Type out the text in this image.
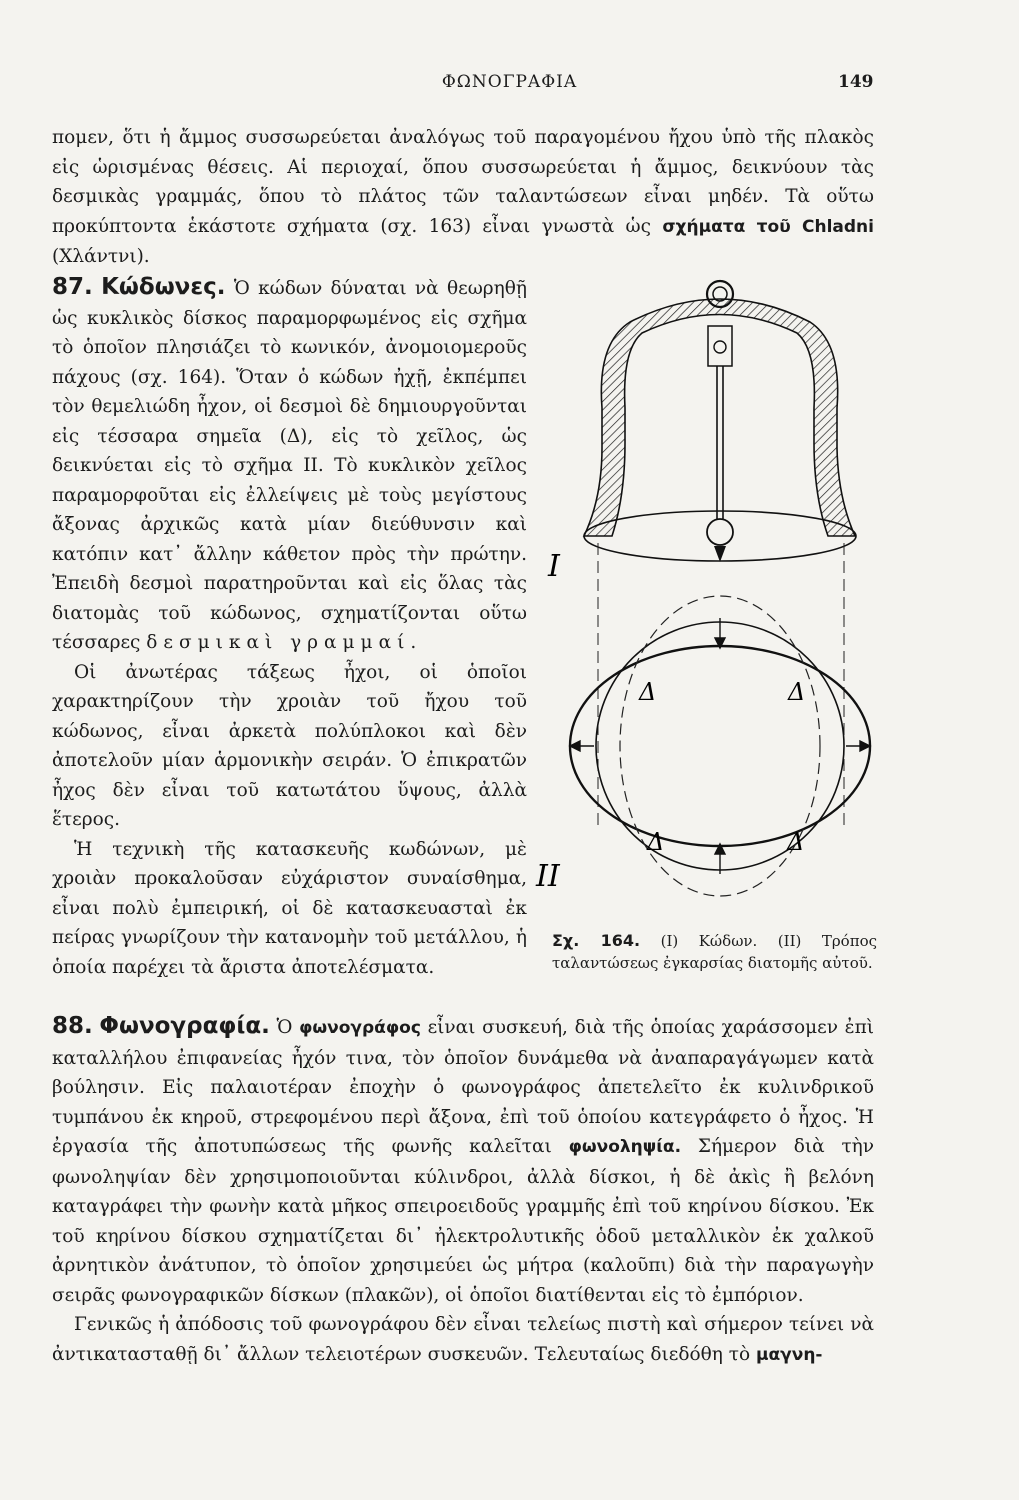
ΦΩΝΟΓΡΑΦΙΑ	149
πομεν, ὅτι ἡ ἄμμος συσσωρεύεται ἀναλόγως τοῦ παραγομένου ἤχου ὑπὸ τῆς πλακὸς εἰς ὡρισμένας θέσεις. Αἱ περιοχαί, ὅπου συσσωρεύεται ἡ ἄμμος, δεικνύουν τὰς δεσμικὰς γραμμάς, ὅπου τὸ πλάτος τῶν ταλαντώσεων εἶναι μηδέν. Τὰ οὕτω προκύπτοντα ἑκάστοτε σχήματα (σχ. 163) εἶναι γνωστὰ ὡς σχήματα τοῦ Chladni (Χλάντνι).

87. Κώδωνες. Ὁ κώδων δύναται νὰ θεωρηθῇ ὡς κυκλικὸς δίσκος παραμορφωμένος εἰς σχῆμα τὸ ὁποῖον πλησιάζει τὸ κωνικόν, ἀνομοιομεροῦς πάχους (σχ. 164). Ὅταν ὁ κώδων ἠχῇ, ἐκπέμπει τὸν θεμελιώδη ἦχον, οἱ δεσμοὶ δὲ δημιουργοῦνται εἰς τέσσαρα σημεῖα (Δ), εἰς τὸ χεῖλος, ὡς δεικνύεται εἰς τὸ σχῆμα II. Τὸ κυκλικὸν χεῖλος παραμορφοῦται εἰς ἐλλείψεις μὲ τοὺς μεγίστους ἄξονας ἀρχικῶς κατὰ μίαν διεύθυνσιν καὶ κατόπιν κατ᾽ ἄλλην κάθετον πρὸς τὴν πρώτην. Ἐπειδὴ δεσμοὶ παρατηροῦνται καὶ εἰς ὅλας τὰς διατομὰς τοῦ κώδωνος, σχηματίζονται οὕτω τέσσαρες δεσμικαὶ γραμμαί.

Οἱ ἀνωτέρας τάξεως ἦχοι, οἱ ὁποῖοι χαρακτηρίζουν τὴν χροιὰν τοῦ ἤχου τοῦ κώδωνος, εἶναι ἀρκετὰ πολύπλοκοι καὶ δὲν ἀποτελοῦν μίαν ἁρμονικὴν σειράν. Ὁ ἐπικρατῶν ἦχος δὲν εἶναι τοῦ κατωτάτου ὕψους, ἀλλὰ ἕτερος.

Ἡ τεχνικὴ τῆς κατασκευῆς κωδώνων, μὲ χροιὰν προκαλοῦσαν εὐχάριστον συναίσθημα, εἶναι πολὺ ἐμπειρική, οἱ δὲ κατασκευασταὶ ἐκ πείρας γνωρίζουν τὴν κατανομὴν τοῦ μετάλλου, ἡ ὁποία παρέχει τὰ ἄριστα ἀποτελέσματα.

Δ	Δ
Δ	Δ
I
II
Σχ. 164. (I) Κώδων. (II) Τρόπος ταλαντώσεως ἐγκαρσίας διατομῆς αὐτοῦ.

88. Φωνογραφία. Ὁ φωνογράφος εἶναι συσκευή, διὰ τῆς ὁποίας χαράσσομεν ἐπὶ καταλλήλου ἐπιφανείας ἦχόν τινα, τὸν ὁποῖον δυνάμεθα νὰ ἀναπαραγάγωμεν κατὰ βούλησιν. Εἰς παλαιοτέραν ἐποχὴν ὁ φωνογράφος ἀπετελεῖτο ἐκ κυλινδρικοῦ τυμπάνου ἐκ κηροῦ, στρεφομένου περὶ ἄξονα, ἐπὶ τοῦ ὁποίου κατεγράφετο ὁ ἦχος. Ἡ ἐργασία τῆς ἀποτυπώσεως τῆς φωνῆς καλεῖται φωνοληψία. Σήμερον διὰ τὴν φωνοληψίαν δὲν χρησιμοποιοῦνται κύλινδροι, ἀλλὰ δίσκοι, ἡ δὲ ἀκὶς ἢ βελόνη καταγράφει τὴν φωνὴν κατὰ μῆκος σπειροειδοῦς γραμμῆς ἐπὶ τοῦ κηρίνου δίσκου. Ἐκ τοῦ κηρίνου δίσκου σχηματίζεται δι᾽ ἠλεκτρολυτικῆς ὁδοῦ μεταλλικὸν ἐκ χαλκοῦ ἀρνητικὸν ἀνάτυπον, τὸ ὁποῖον χρησιμεύει ὡς μήτρα (καλοῦπι) διὰ τὴν παραγωγὴν σειρᾶς φωνογραφικῶν δίσκων (πλακῶν), οἱ ὁποῖοι διατίθενται εἰς τὸ ἐμπόριον.

Γενικῶς ἡ ἀπόδοσις τοῦ φωνογράφου δὲν εἶναι τελείως πιστὴ καὶ σήμερον τείνει νὰ ἀντικατασταθῇ δι᾽ ἄλλων τελειοτέρων συσκευῶν. Τελευταίως διεδόθη τὸ μαγνη-
